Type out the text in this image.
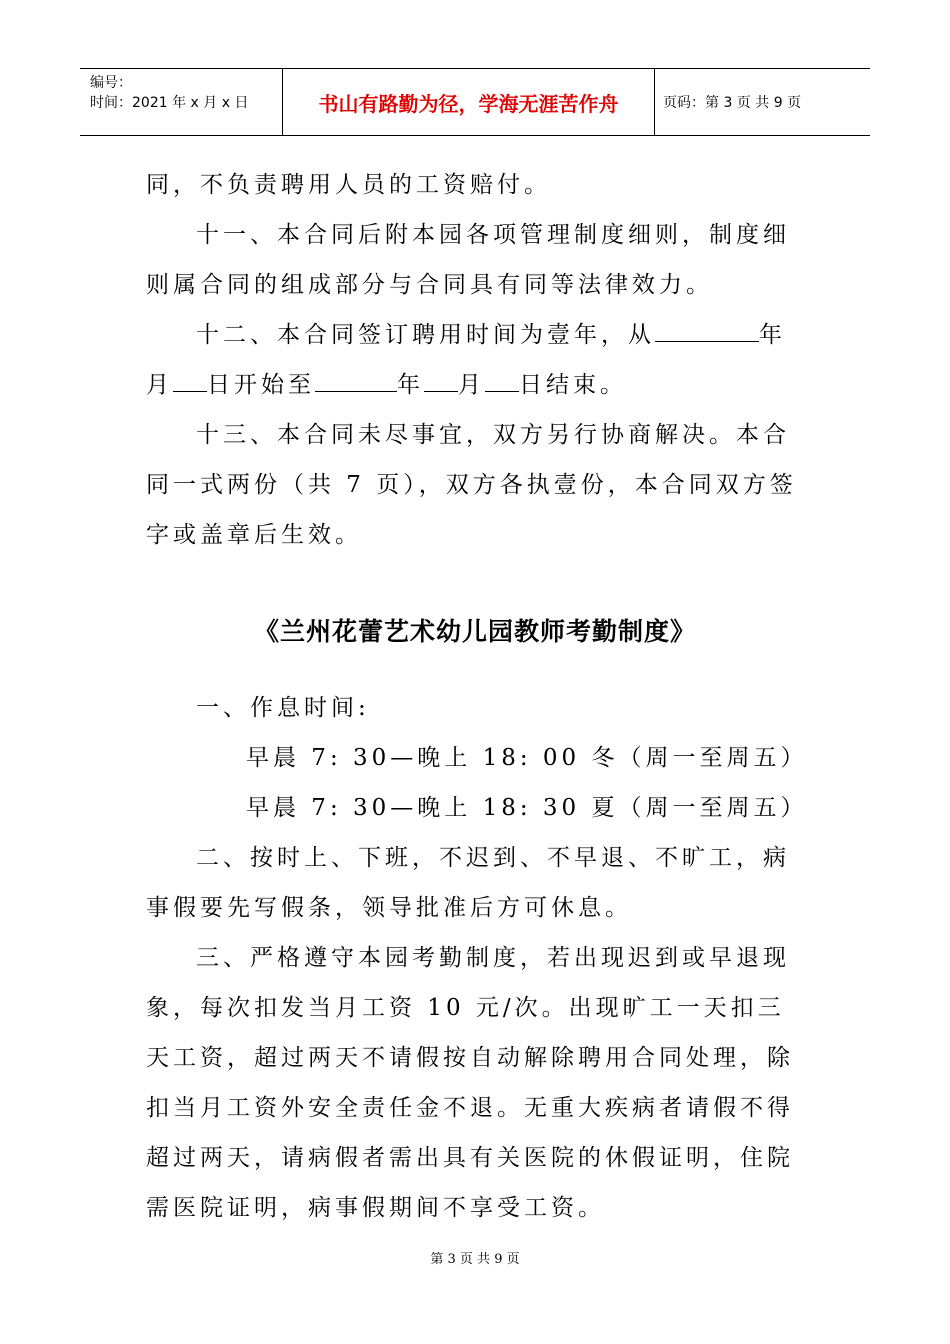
编号：
时间：2021 年 x 月 x 日	书山有路勤为径，学海无涯苦作舟	页码：第 3 页 共 9 页

同，不负责聘用人员的工资赔付。

十一、本合同后附本园各项管理制度细则，制度细则属合同的组成部分与合同具有同等法律效力。

十二、本合同签订聘用时间为壹年，从	年月 日开始至	年 月 日结束。

十三、本合同未尽事宜，双方另行协商解决。本合同一式两份（共 7 页），双方各执壹份，本合同双方签字或盖章后生效。

《兰州花蕾艺术幼儿园教师考勤制度》

一、作息时间:

早晨 7: 30—晚上 18: 00 冬（周一至周五）

早晨 7: 30—晚上 18: 30 夏（周一至周五）

二、按时上、下班，不迟到、不早退、不旷工，病事假要先写假条，领导批准后方可休息。

三、严格遵守本园考勤制度，若出现迟到或早退现象，每次扣发当月工资 10 元/次。出现旷工一天扣三天工资，超过两天不请假按自动解除聘用合同处理，除扣当月工资外安全责任金不退。无重大疾病者请假不得超过两天，请病假者需出具有关医院的休假证明，住院需医院证明，病事假期间不享受工资。

第 3 页 共 9 页
